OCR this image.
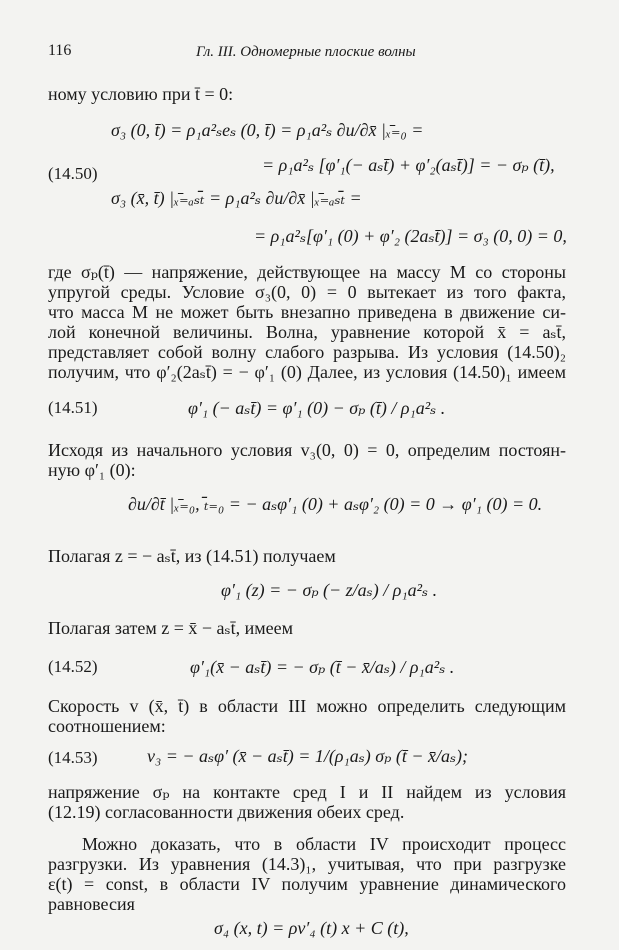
116	Гл. III. Одномерные плоские волны
ному условию при t̄ = 0:
σ₃ (0, t̄) = ρ₁a²ₛeₛ (0, t̄) = ρ₁a²ₛ ∂u/∂x̄ |ₓ̄₌₀ =
= ρ₁a²ₛ [φ′₁(− aₛt̄) + φ′₂(aₛt̄)] = − σₚ (t̄),
(14.50)
σ₃ (x̄, t̄) |ₓ̄₌ₐₛₜ̄ = ρ₁a²ₛ ∂u/∂x̄ |ₓ̄₌ₐₛₜ̄ =
= ρ₁a²ₛ[φ′₁ (0) + φ′₂ (2aₛt̄)] = σ₃ (0, 0) = 0,
где σₚ(t̄) — напряжение, действующее на массу M со стороны
упругой среды. Условие σ₃(0, 0) = 0 вытекает из того факта,
что масса M не может быть внезапно приведена в движение си-
лой конечной величины. Волна, уравнение которой x̄ = aₛt̄,
представляет собой волну слабого разрыва. Из условия (14.50)₂
получим, что φ′₂(2aₛt̄) = − φ′₁ (0) Далее, из условия (14.50)₁ имеем
(14.51)	φ′₁ (− aₛt̄) = φ′₁ (0) − σₚ (t̄) / ρ₁a²ₛ .
Исходя из начального условия v₃(0, 0) = 0, определим постоян-
ную φ′₁ (0):
∂u/∂t̄ |ₓ̄₌₀, ₜ̄₌₀ = − aₛφ′₁ (0) + aₛφ′₂ (0) = 0 → φ′₁ (0) = 0.
Полагая z = − aₛt̄, из (14.51) получаем
φ′₁ (z) = − σₚ (− z/aₛ) / ρ₁a²ₛ .
Полагая затем z = x̄ − aₛt̄, имеем
(14.52)	φ′₁(x̄ − aₛt̄) = − σₚ (t̄ − x̄/aₛ) / ρ₁a²ₛ .
Скорость v (x̄, t̄) в области III можно определить следующим
соотношением:
(14.53)	v₃ = − aₛφ′ (x̄ − aₛt̄) = 1/(ρ₁aₛ) σₚ (t̄ − x̄/aₛ);
напряжение σₚ на контакте сред I и II найдем из условия
(12.19) согласованности движения обеих сред.
Можно доказать, что в области IV происходит процесс
разгрузки. Из уравнения (14.3)₁, учитывая, что при разгрузке
ε(t) = const, в области IV получим уравнение динамического
равновесия
σ₄ (x, t) = ρv′₄ (t) x + C (t),
